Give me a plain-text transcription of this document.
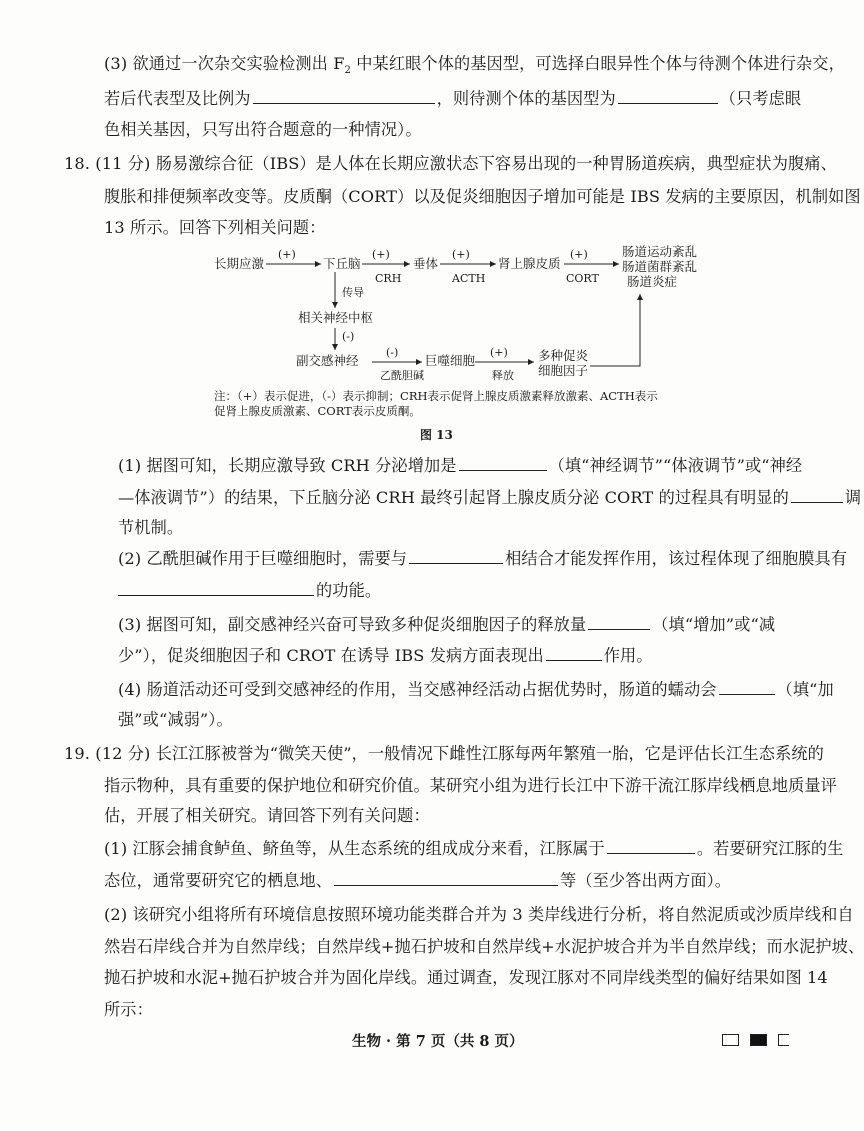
(3) 欲通过一次杂交实验检测出 $F_2$ 中某红眼个体的基因型，可选择白眼异性个体与待测个体进行杂交，
若后代表型及比例为	，则待测个体的基因型为	（只考虑眼
色相关基因，只写出符合题意的一种情况）。
18. (11 分) 肠易激综合征（IBS）是人体在长期应激状态下容易出现的一种胃肠道疾病，典型症状为腹痛、
腹胀和排便频率改变等。皮质酮（CORT）以及促炎细胞因子增加可能是 IBS 发病的主要原因，机制如图
13 所示。回答下列相关问题：
长期应激	下丘脑	垂体	肾上腺皮质
肠道运动紊乱
肠道菌群紊乱
肠道炎症
相关神经中枢
副交感神经	巨噬细胞	多种促炎
细胞因子
(+)	(+)
CRH
(+)
ACTH
(+)
CORT
传导
(-)
(-)
乙酰胆碱
(+)
释放
注：（+）表示促进，（-）表示抑制；CRH表示促肾上腺皮质激素释放激素、ACTH表示
促肾上腺皮质激素、CORT表示皮质酮。
图 13
(1) 据图可知，长期应激导致 CRH 分泌增加是	（填“神经调节”“体液调节”或“神经
—体液调节”）的结果，下丘脑分泌 CRH 最终引起肾上腺皮质分泌 CORT 的过程具有明显的	调
节机制。
(2) 乙酰胆碱作用于巨噬细胞时，需要与	相结合才能发挥作用，该过程体现了细胞膜具有
的功能。
(3) 据图可知，副交感神经兴奋可导致多种促炎细胞因子的释放量	（填“增加”或“减
少”），促炎细胞因子和 CROT 在诱导 IBS 发病方面表现出	作用。
(4) 肠道活动还可受到交感神经的作用，当交感神经活动占据优势时，肠道的蠕动会	（填“加
强”或“减弱”）。
19. (12 分) 长江江豚被誉为“微笑天使”，一般情况下雌性江豚每两年繁殖一胎，它是评估长江生态系统的
指示物种，具有重要的保护地位和研究价值。某研究小组为进行长江中下游干流江豚岸线栖息地质量评
估，开展了相关研究。请回答下列有关问题：
(1) 江豚会捕食鲈鱼、鲚鱼等，从生态系统的组成成分来看，江豚属于	。若要研究江豚的生
态位，通常要研究它的栖息地、	等（至少答出两方面）。
(2) 该研究小组将所有环境信息按照环境功能类群合并为 3 类岸线进行分析，将自然泥质或沙质岸线和自
然岩石岸线合并为自然岸线；自然岸线+抛石护坡和自然岸线+水泥护坡合并为半自然岸线；而水泥护坡、
抛石护坡和水泥+抛石护坡合并为固化岸线。通过调查，发现江豚对不同岸线类型的偏好结果如图 14
所示：
生物 · 第 7 页（共 8 页）
